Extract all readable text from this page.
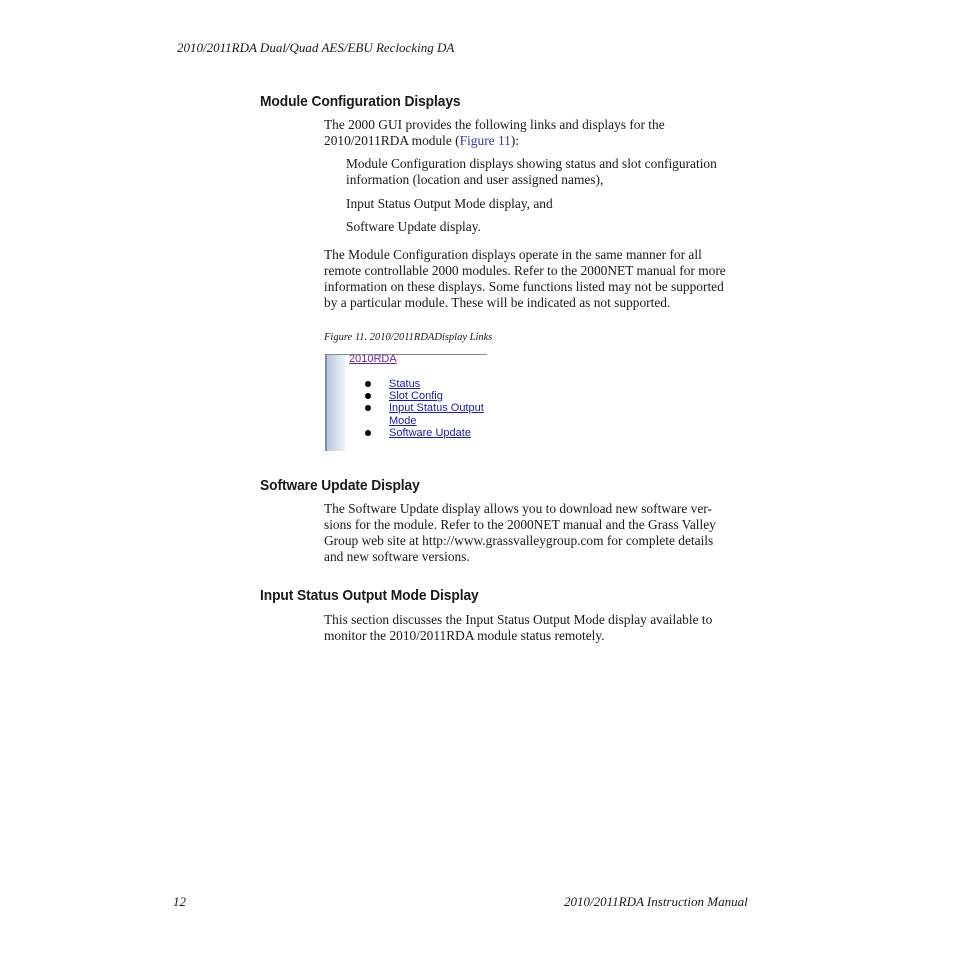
2010/2011RDA Dual/Quad AES/EBU Reclocking DA
Module Configuration Displays
The 2000 GUI provides the following links and displays for the
2010/2011RDA module (Figure 11):
Module Configuration displays showing status and slot configuration
information (location and user assigned names),
Input Status Output Mode display, and
Software Update display.
The Module Configuration displays operate in the same manner for all
remote controllable 2000 modules. Refer to the 2000NET manual for more
information on these displays. Some functions listed may not be supported
by a particular module. These will be indicated as not supported.
Figure 11. 2010/2011RDADisplay Links
2010RDA
Status
Slot Config
Input Status Output
Mode
Software Update
Software Update Display
The Software Update display allows you to download new software ver-
sions for the module. Refer to the 2000NET manual and the Grass Valley
Group web site at http://www.grassvalleygroup.com for complete details
and new software versions.
Input Status Output Mode Display
This section discusses the Input Status Output Mode display available to
monitor the 2010/2011RDA module status remotely.
12	2010/2011RDA Instruction Manual
